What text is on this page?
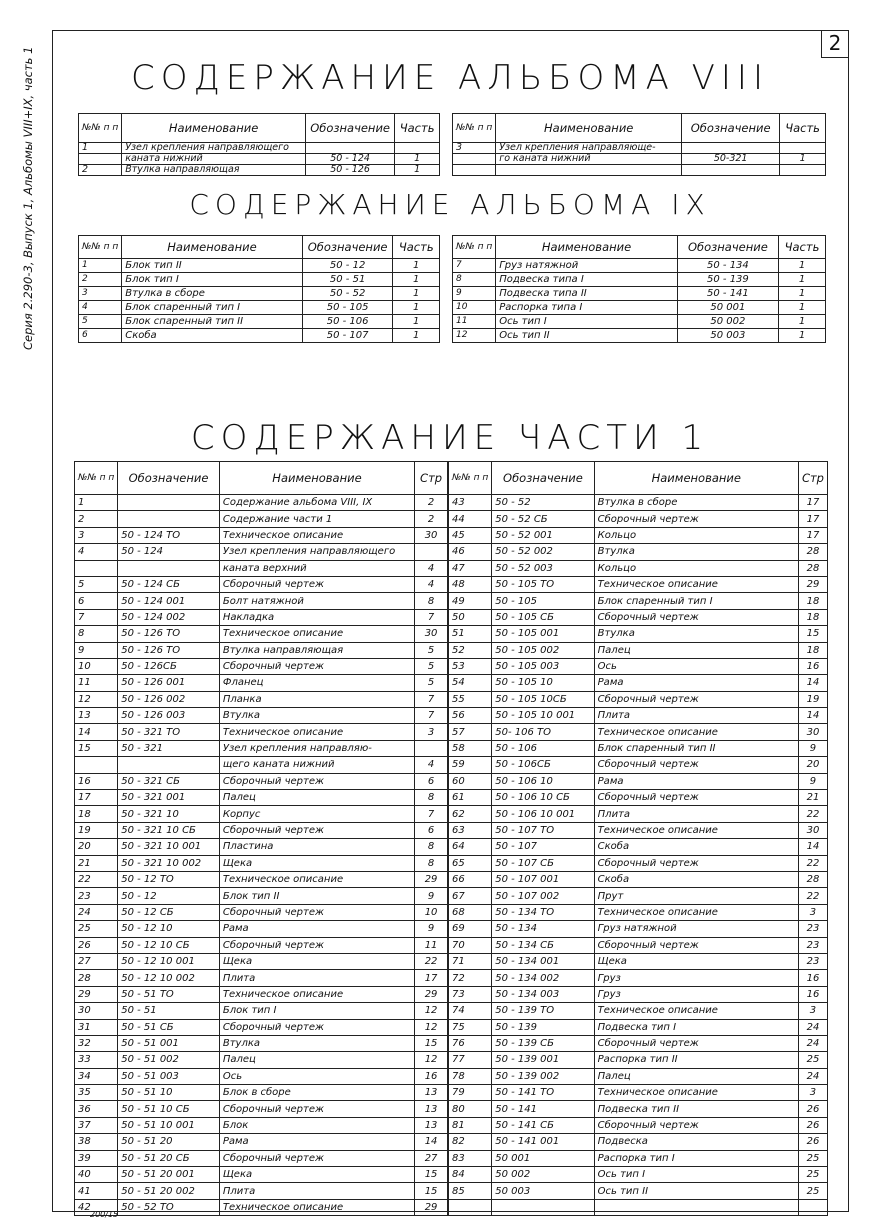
Серия 2.290-3, Выпуск 1, Альбомы VIII+IX, часть 1
2
СОДЕРЖАНИЕ АЛЬБОМА VIII
СОДЕРЖАНИЕ АЛЬБОМА IX
СОДЕРЖАНИЕ ЧАСТИ 1
№№ п п	Наименование	Обозначение	Часть
1	Узел крепления направляющего		
	каната нижний	50 - 124	1
2	Втулка направляющая	50 - 126	1
№№ п п	Наименование	Обозначение	Часть
3	Узел крепления направляюще-		
	го каната нижний	50-321	1

№№ п п	Наименование	Обозначение	Часть
1	Блок тип II	50 - 12	1
2	Блок тип I	50 - 51	1
3	Втулка в сборе	50 - 52	1
4	Блок спаренный тип I	50 - 105	1
5	Блок спаренный тип II	50 - 106	1
6	Скоба	50 - 107	1
№№ п п	Наименование	Обозначение	Часть
7	Груз натяжной	50 - 134	1
8	Подвеска типа I	50 - 139	1
9	Подвеска типа II	50 - 141	1
10	Распорка типа I	50 001	1
11	Ось тип I	50 002	1
12	Ось тип II	50 003	1
№№ п п	Обозначение	Наименование	Стр
1		Содержание альбома VIII, IX	2
2		Содержание части 1	2
3	50 - 124 ТО	Техническое описание	30
4	50 - 124	Узел крепления направляющего	
		каната верхний	4
5	50 - 124 СБ	Сборочный чертеж	4
6	50 - 124 001	Болт натяжной	8
7	50 - 124 002	Накладка	7
8	50 - 126 ТО	Техническое описание	30
9	50 - 126 ТО	Втулка направляющая	5
10	50 - 126СБ	Сборочный чертеж	5
11	50 - 126 001	Фланец	5
12	50 - 126 002	Планка	7
13	50 - 126 003	Втулка	7
14	50 - 321 ТО	Техническое описание	3
15	50 - 321	Узел крепления направляю-	
		щего каната нижний	4
16	50 - 321 СБ	Сборочный чертеж	6
17	50 - 321 001	Палец	8
18	50 - 321 10	Корпус	7
19	50 - 321 10 СБ	Сборочный чертеж	6
20	50 - 321 10 001	Пластина	8
21	50 - 321 10 002	Щека	8
22	50 - 12 ТО	Техническое описание	29
23	50 - 12	Блок тип II	9
24	50 - 12 СБ	Сборочный чертеж	10
25	50 - 12 10	Рама	9
26	50 - 12 10 СБ	Сборочный чертеж	11
27	50 - 12 10 001	Щека	22
28	50 - 12 10 002	Плита	17
29	50 - 51 ТО	Техническое описание	29
30	50 - 51	Блок тип I	12
31	50 - 51 СБ	Сборочный чертеж	12
32	50 - 51 001	Втулка	15
33	50 - 51 002	Палец	12
34	50 - 51 003	Ось	16
35	50 - 51 10	Блок в сборе	13
36	50 - 51 10 СБ	Сборочный чертеж	13
37	50 - 51 10 001	Блок	13
38	50 - 51 20	Рама	14
39	50 - 51 20 СБ	Сборочный чертеж	27
40	50 - 51 20 001	Щека	15
41	50 - 51 20 002	Плита	15
42	50 - 52 ТО	Техническое описание	29
№№ п п	Обозначение	Наименование	Стр
43	50 - 52	Втулка в сборе	17
44	50 - 52 СБ	Сборочный чертеж	17
45	50 - 52 001	Кольцо	17
46	50 - 52 002	Втулка	28
47	50 - 52 003	Кольцо	28
48	50 - 105 ТО	Техническое описание	29
49	50 - 105	Блок спаренный тип I	18
50	50 - 105 СБ	Сборочный чертеж	18
51	50 - 105 001	Втулка	15
52	50 - 105 002	Палец	18
53	50 - 105 003	Ось	16
54	50 - 105 10	Рама	14
55	50 - 105 10СБ	Сборочный чертеж	19
56	50 - 105 10 001	Плита	14
57	50- 106 ТО	Техническое описание	30
58	50 - 106	Блок спаренный тип II	9
59	50 - 106СБ	Сборочный чертеж	20
60	50 - 106 10	Рама	9
61	50 - 106 10 СБ	Сборочный чертеж	21
62	50 - 106 10 001	Плита	22
63	50 - 107 ТО	Техническое описание	30
64	50 - 107	Скоба	14
65	50 - 107 СБ	Сборочный чертеж	22
66	50 - 107 001	Скоба	28
67	50 - 107 002	Прут	22
68	50 - 134 ТО	Техническое описание	3
69	50 - 134	Груз натяжной	23
70	50 - 134 СБ	Сборочный чертеж	23
71	50 - 134 001	Щека	23
72	50 - 134 002	Груз	16
73	50 - 134 003	Груз	16
74	50 - 139 ТО	Техническое описание	3
75	50 - 139	Подвеска тип I	24
76	50 - 139 СБ	Сборочный чертеж	24
77	50 - 139 001	Распорка тип II	25
78	50 - 139 002	Палец	24
79	50 - 141 ТО	Техническое описание	3
80	50 - 141	Подвеска тип II	26
81	50 - 141 СБ	Сборочный чертеж	26
82	50 - 141 001	Подвеска	26
83	50 001	Распорка тип I	25
84	50 002	Ось тип I	25
85	50 003	Ось тип II	25

200/15
